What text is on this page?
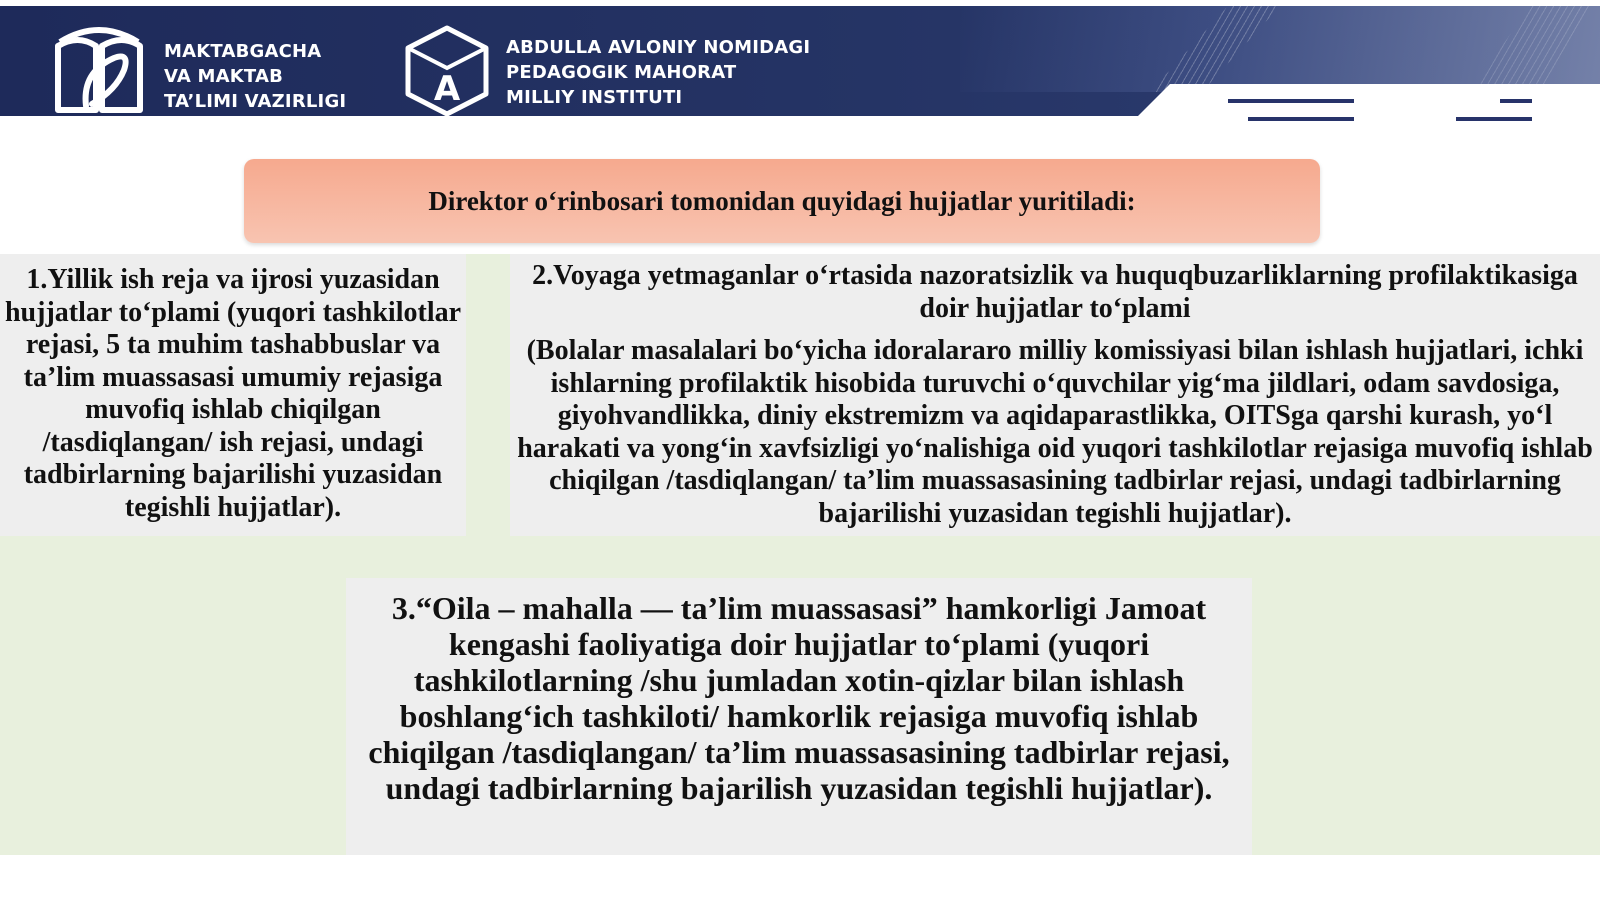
MAKTABGACHA
VA MAKTAB
TA’LIMI VAZIRLIGI	A
ABDULLA AVLONIY NOMIDAGI
PEDAGOGIK MAHORAT
MILLIY INSTITUTI
Direktor o‘rinbosari tomonidan quyidagi hujjatlar yuritiladi:

1.Yillik ish reja va ijrosi yuzasidan hujjatlar to‘plami (yuqori tashkilotlar rejasi, 5 ta muhim tashabbuslar va ta’lim muassasasi umumiy rejasiga muvofiq ishlab chiqilgan /tasdiqlangan/ ish rejasi, undagi tadbirlarning bajarilishi yuzasidan tegishli hujjatlar).

2.Voyaga yetmaganlar o‘rtasida nazoratsizlik va huquqbuzarliklarning profilaktikasiga doir hujjatlar to‘plami

(Bolalar masalalari bo‘yicha idoralararo milliy komissiyasi bilan ishlash hujjatlari, ichki ishlarning profilaktik hisobida turuvchi o‘quvchilar yig‘ma jildlari, odam savdosiga, giyohvandlikka, diniy ekstremizm va aqidaparastlikka, OITSga qarshi kurash, yo‘l harakati va yong‘in xavfsizligi yo‘nalishiga oid yuqori tashkilotlar rejasiga muvofiq ishlab chiqilgan /tasdiqlangan/ ta’lim muassasasining tadbirlar rejasi, undagi tadbirlarning bajarilishi yuzasidan tegishli hujjatlar).

3.“Oila – mahalla — ta’lim muassasasi” hamkorligi Jamoat kengashi faoliyatiga doir hujjatlar to‘plami (yuqori tashkilotlarning /shu jumladan xotin-qizlar bilan ishlash boshlang‘ich tashkiloti/ hamkorlik rejasiga muvofiq ishlab chiqilgan /tasdiqlangan/ ta’lim muassasasining tadbirlar rejasi, undagi tadbirlarning bajarilish yuzasidan tegishli hujjatlar).
